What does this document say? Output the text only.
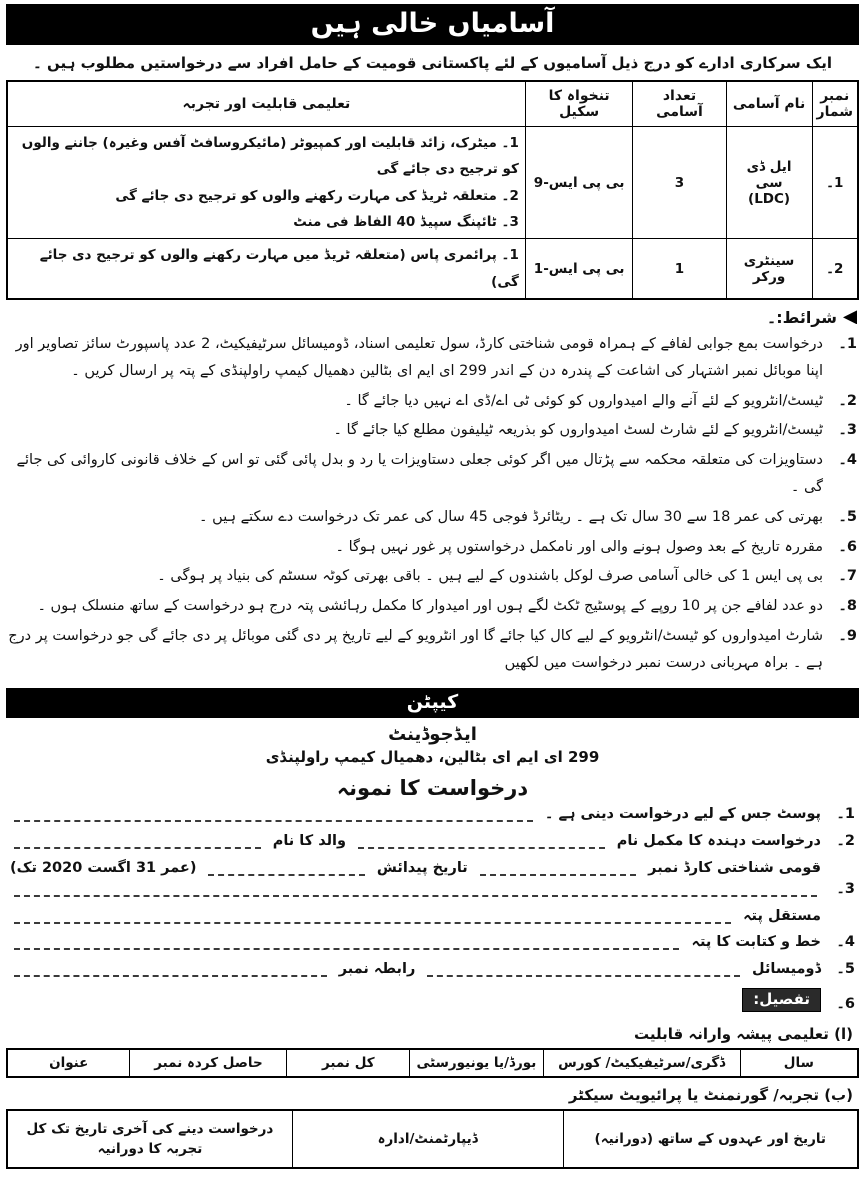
آسامیاں خالی ہیں
ایک سرکاری ادارے کو درج ذیل آسامیوں کے لئے پاکستانی قومیت کے حامل افراد سے درخواستیں مطلوب ہیں ۔
نمبر شمار	نام آسامی	تعداد آسامی	تنخواہ کا سکیل	تعلیمی قابلیت اور تجربہ
1۔	ایل ڈی سی (LDC)	3	بی پی ایس-9	1۔ میٹرک، زائد قابلیت اور کمپیوٹر (مائیکروسافٹ آفس وغیرہ) جاننے والوں کو ترجیح دی جائے گی
2۔ متعلقہ ٹریڈ کی مہارت رکھنے والوں کو ترجیح دی جائے گی
3۔ ٹائپنگ سپیڈ 40 الفاظ فی منٹ

2۔	سینٹری ورکر	1	بی پی ایس-1	1۔ پرائمری پاس (متعلقہ ٹریڈ میں مہارت رکھنے والوں کو ترجیح دی جائے گی)
شرائط:۔
1۔
درخواست بمع جوابی لفافے کے ہمراہ قومی شناختی کارڈ، سول تعلیمی اسناد، ڈومیسائل سرٹیفیکیٹ، 2 عدد پاسپورٹ سائز تصاویر اور اپنا موبائل نمبر اشتہار کی اشاعت کے پندرہ دن کے اندر 299 ای ایم ای بٹالین دھمیال کیمپ راولپنڈی کے پتہ پر ارسال کریں ۔
2۔
ٹیسٹ/انٹرویو کے لئے آنے والے امیدواروں کو کوئی ٹی اے/ڈی اے نہیں دیا جائے گا ۔
3۔
ٹیسٹ/انٹرویو کے لئے شارٹ لسٹ امیدواروں کو بذریعہ ٹیلیفون مطلع کیا جائے گا ۔
4۔
دستاویزات کی متعلقہ محکمہ سے پڑتال میں اگر کوئی جعلی دستاویزات یا رد و بدل پائی گئی تو اس کے خلاف قانونی کاروائی کی جائے گی ۔
5۔
بھرتی کی عمر 18 سے 30 سال تک ہے ۔ ریٹائرڈ فوجی 45 سال کی عمر تک درخواست دے سکتے ہیں ۔
6۔
مقررہ تاریخ کے بعد وصول ہونے والی اور نامکمل درخواستوں پر غور نہیں ہوگا ۔
7۔
بی پی ایس 1 کی خالی آسامی صرف لوکل باشندوں کے لیے ہیں ۔ باقی بھرتی کوٹہ سسٹم کی بنیاد پر ہوگی ۔
8۔
دو عدد لفافے جن پر 10 روپے کے پوسٹیج ٹکٹ لگے ہوں اور امیدوار کا مکمل رہائشی پتہ درج ہو درخواست کے ساتھ منسلک ہوں ۔
9۔
شارٹ امیدواروں کو ٹیسٹ/انٹرویو کے لیے کال کیا جائے گا اور انٹرویو کے لیے تاریخ پر دی گئی موبائل پر دی جائے گی جو درخواست پر درج ہے ۔ براہ مہربانی درست نمبر درخواست میں لکھیں
کیپٹن
ایڈجوڈینٹ
299 ای ایم ای بٹالین، دھمیال کیمپ راولپنڈی
درخواست کا نمونہ
1۔
پوسٹ جس کے لیے درخواست دینی ہے ۔
2۔
درخواست دہندہ کا مکمل نام
والد کا نام
3۔
قومی شناختی کارڈ نمبر
تاریخ پیدائش
(عمر 31 اگست 2020 تک)
4۔
مستقل پتہ
خط و کتابت کا پتہ
5۔
ڈومیسائل
رابطہ نمبر
6۔
تفصیل:
(ا) تعلیمی پیشہ وارانہ قابلیت
سال	ڈگری/سرٹیفیکیٹ/ کورس	بورڈ/یا یونیورسٹی	کل نمبر	حاصل کردہ نمبر	عنوان
(ب) تجربہ/ گورنمنٹ یا پرائیویٹ سیکٹر
تاریخ اور عہدوں کے ساتھ (دورانیہ)	ڈیپارٹمنٹ/ادارہ	درخواست دینے کی آخری تاریخ تک کل تجربہ کا دورانیہ
